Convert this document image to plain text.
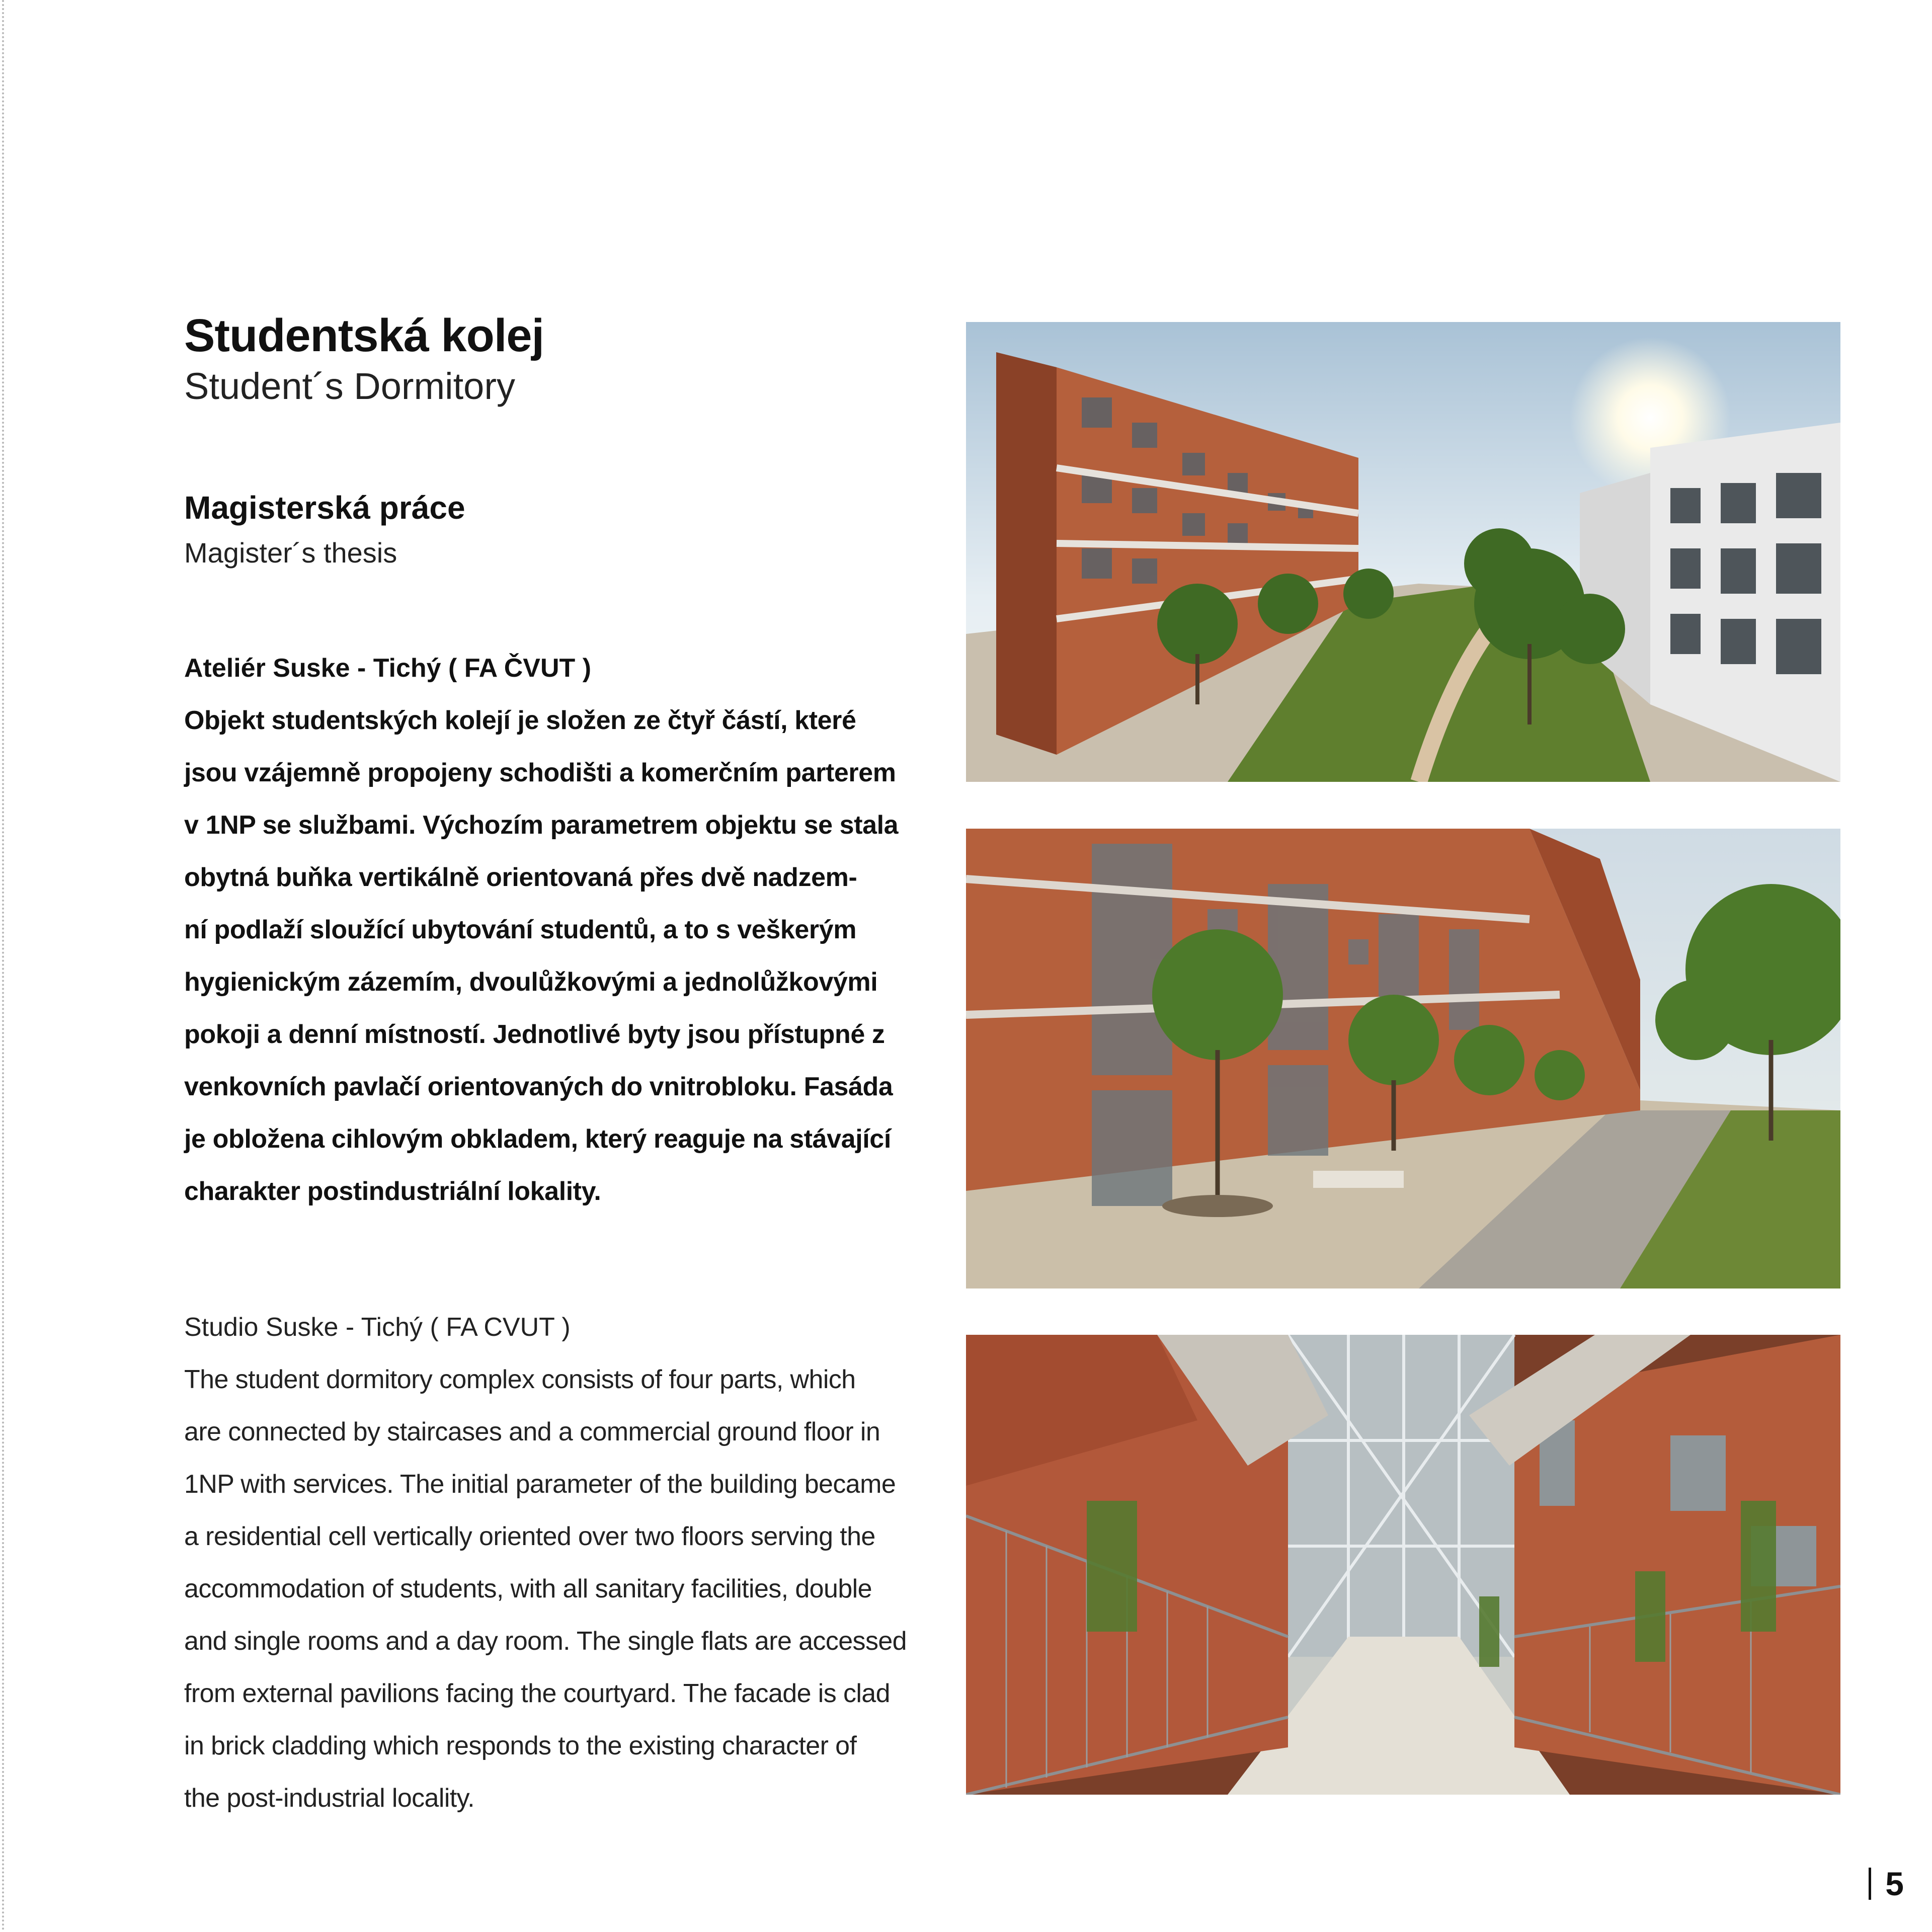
Studentská kolej

Student´s Dormitory

Magisterská práce

Magister´s thesis

Ateliér Suske - Tichý ( FA ČVUT )

Objekt studentských kolejí je složen ze čtyř částí, které
jsou vzájemně propojeny schodišti a komerčním parterem
v 1NP se službami. Výchozím parametrem objektu se stala
obytná buňka vertikálně orientovaná přes dvě nadzem-
ní podlaží sloužící ubytování studentů, a to s veškerým
hygienickým zázemím, dvoulůžkovými a jednolůžkovými
pokoji a denní místností. Jednotlivé byty jsou přístupné z
venkovních pavlačí orientovaných do vnitrobloku. Fasáda
je obložena cihlovým obkladem, který reaguje na stávající
charakter postindustriální lokality.

Studio Suske - Tichý ( FA CVUT )

The student dormitory complex consists of four parts, which
are connected by staircases and a commercial ground floor in
1NP with services. The initial parameter of the building became
a residential cell vertically oriented over two floors serving the
accommodation of students, with all sanitary facilities, double
and single rooms and a day room. The single flats are accessed
from external pavilions facing the courtyard. The facade is clad
in brick cladding which responds to the existing character of
the post-industrial locality.

5
